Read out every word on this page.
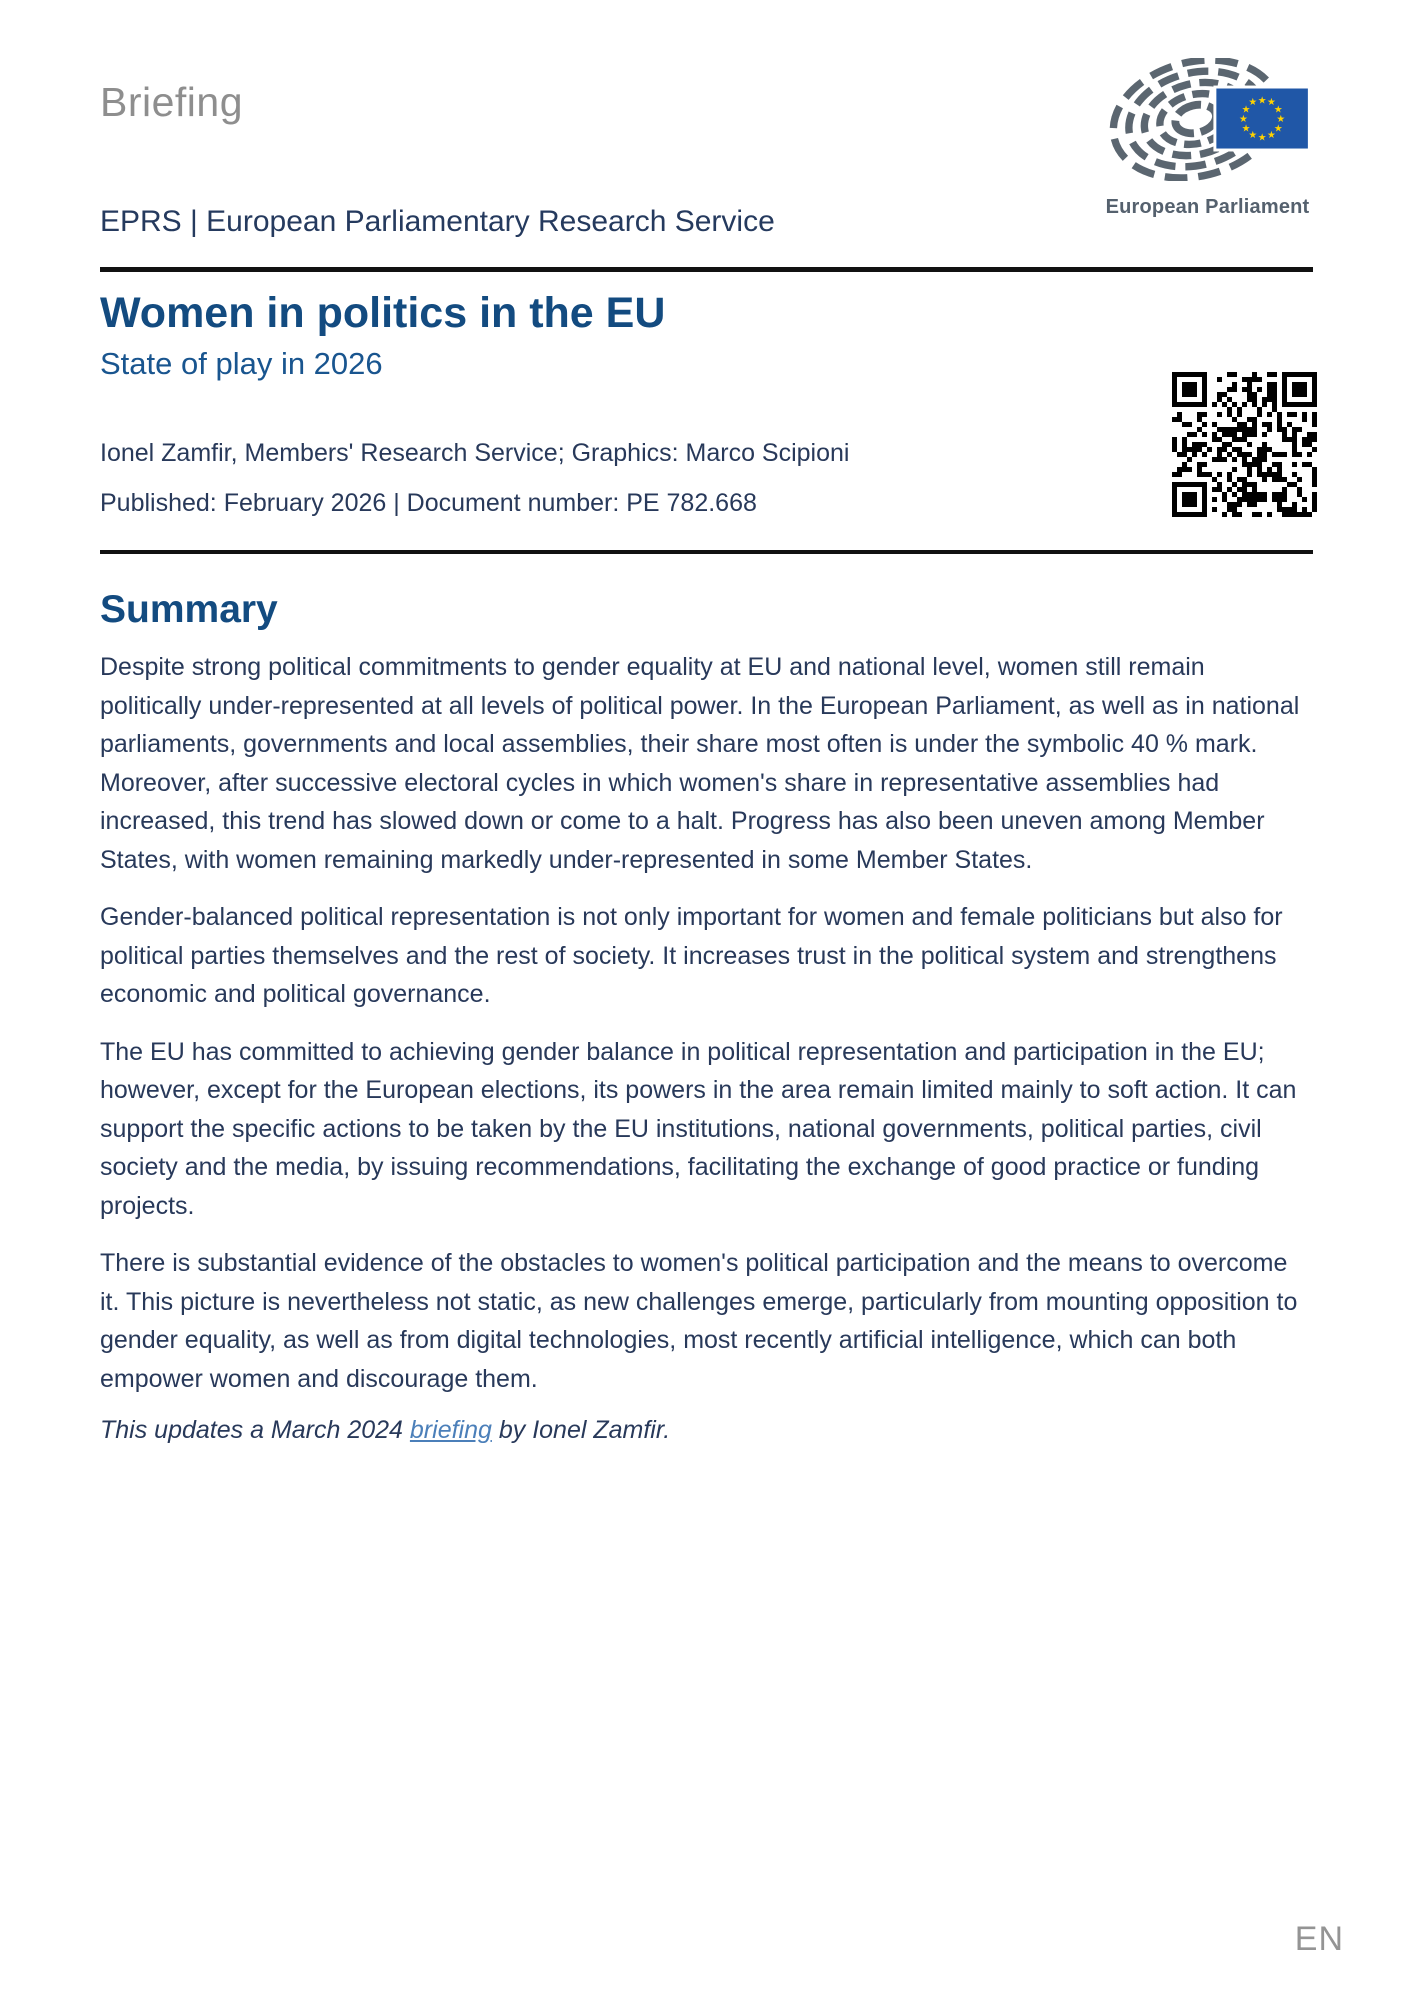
★
★
★
★
★
★
★
★
★ ★ ★
★
European Parliament
Briefing
EPRS | European Parliamentary Research Service
Women in politics in the EU
State of play in 2026
Ionel Zamfir, Members' Research Service; Graphics: Marco Scipioni
Published: February 2026 | Document number: PE 782.668
Summary

Despite strong political commitments to gender equality at EU and national level, women still remain politically under-represented at all levels of political power. In the European Parliament, as well as in national parliaments, governments and local assemblies, their share most often is under the symbolic 40 % mark. Moreover, after successive electoral cycles in which women's share in representative assemblies had increased, this trend has slowed down or come to a halt. Progress has also been uneven among Member States, with women remaining markedly under-represented in some Member States.

Gender-balanced political representation is not only important for women and female politicians but also for political parties themselves and the rest of society. It increases trust in the political system and strengthens economic and political governance.

The EU has committed to achieving gender balance in political representation and participation in the EU; however, except for the European elections, its powers in the area remain limited mainly to soft action. It can support the specific actions to be taken by the EU institutions, national governments, political parties, civil society and the media, by issuing recommendations, facilitating the exchange of good practice or funding projects.

There is substantial evidence of the obstacles to women's political participation and the means to overcome it. This picture is nevertheless not static, as new challenges emerge, particularly from mounting opposition to gender equality, as well as from digital technologies, most recently artificial intelligence, which can both empower women and discourage them.

This updates a March 2024 briefing by Ionel Zamfir.
EN
